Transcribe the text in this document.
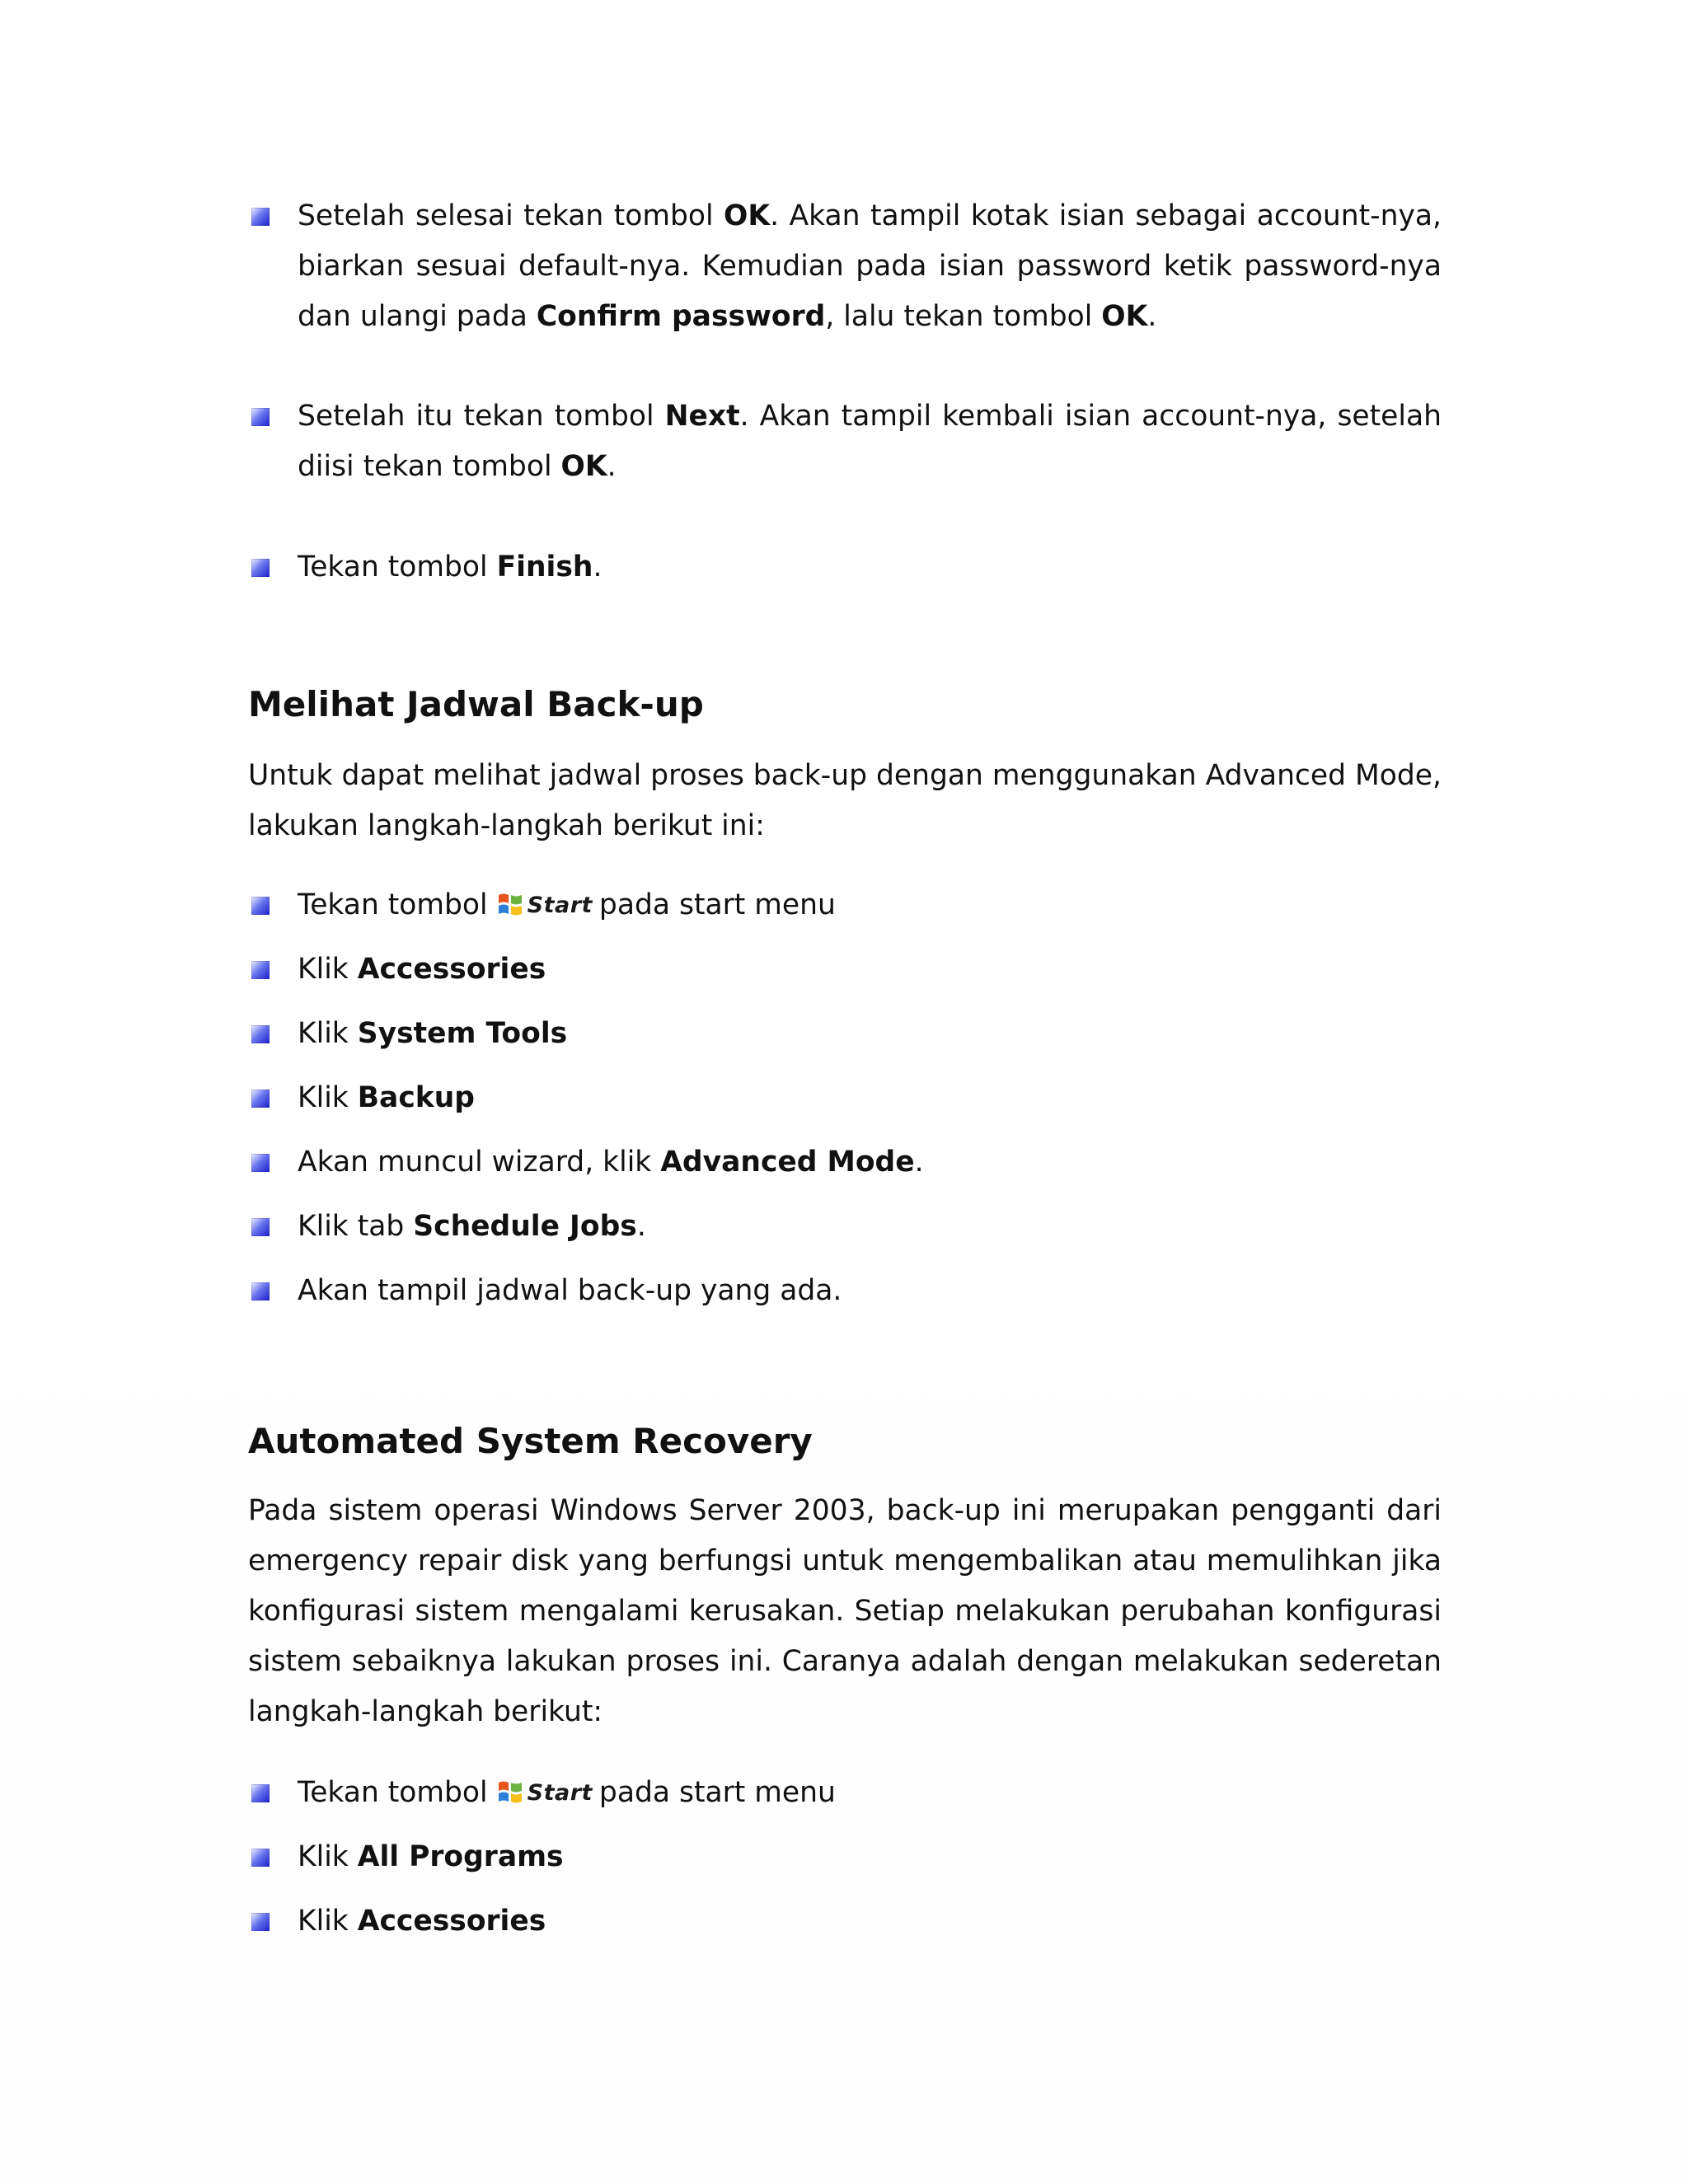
Setelah selesai tekan tombol OK. Akan tampil kotak isian sebagai account-nya, biarkan sesuai default-nya. Kemudian pada isian password ketik password-nya dan ulangi pada Confirm password, lalu tekan tombol OK.
Setelah itu tekan tombol Next. Akan tampil kembali isian account-nya, setelah diisi tekan tombol OK.
Tekan tombol Finish.
Melihat Jadwal Back-up

Untuk dapat melihat jadwal proses back-up dengan menggunakan Advanced Mode, lakukan langkah-langkah berikut ini:

Tekan tombol Start pada start menu
Klik Accessories
Klik System Tools
Klik Backup
Akan muncul wizard, klik Advanced Mode.
Klik tab Schedule Jobs.
Akan tampil jadwal back-up yang ada.
Automated System Recovery

Pada sistem operasi Windows Server 2003, back-up ini merupakan pengganti dari emergency repair disk yang berfungsi untuk mengembalikan atau memulihkan jika konfigurasi sistem mengalami kerusakan. Setiap melakukan perubahan konfigurasi sistem sebaiknya lakukan proses ini. Caranya adalah dengan melakukan sederetan langkah-langkah berikut:

Tekan tombol Start pada start menu
Klik All Programs
Klik Accessories
